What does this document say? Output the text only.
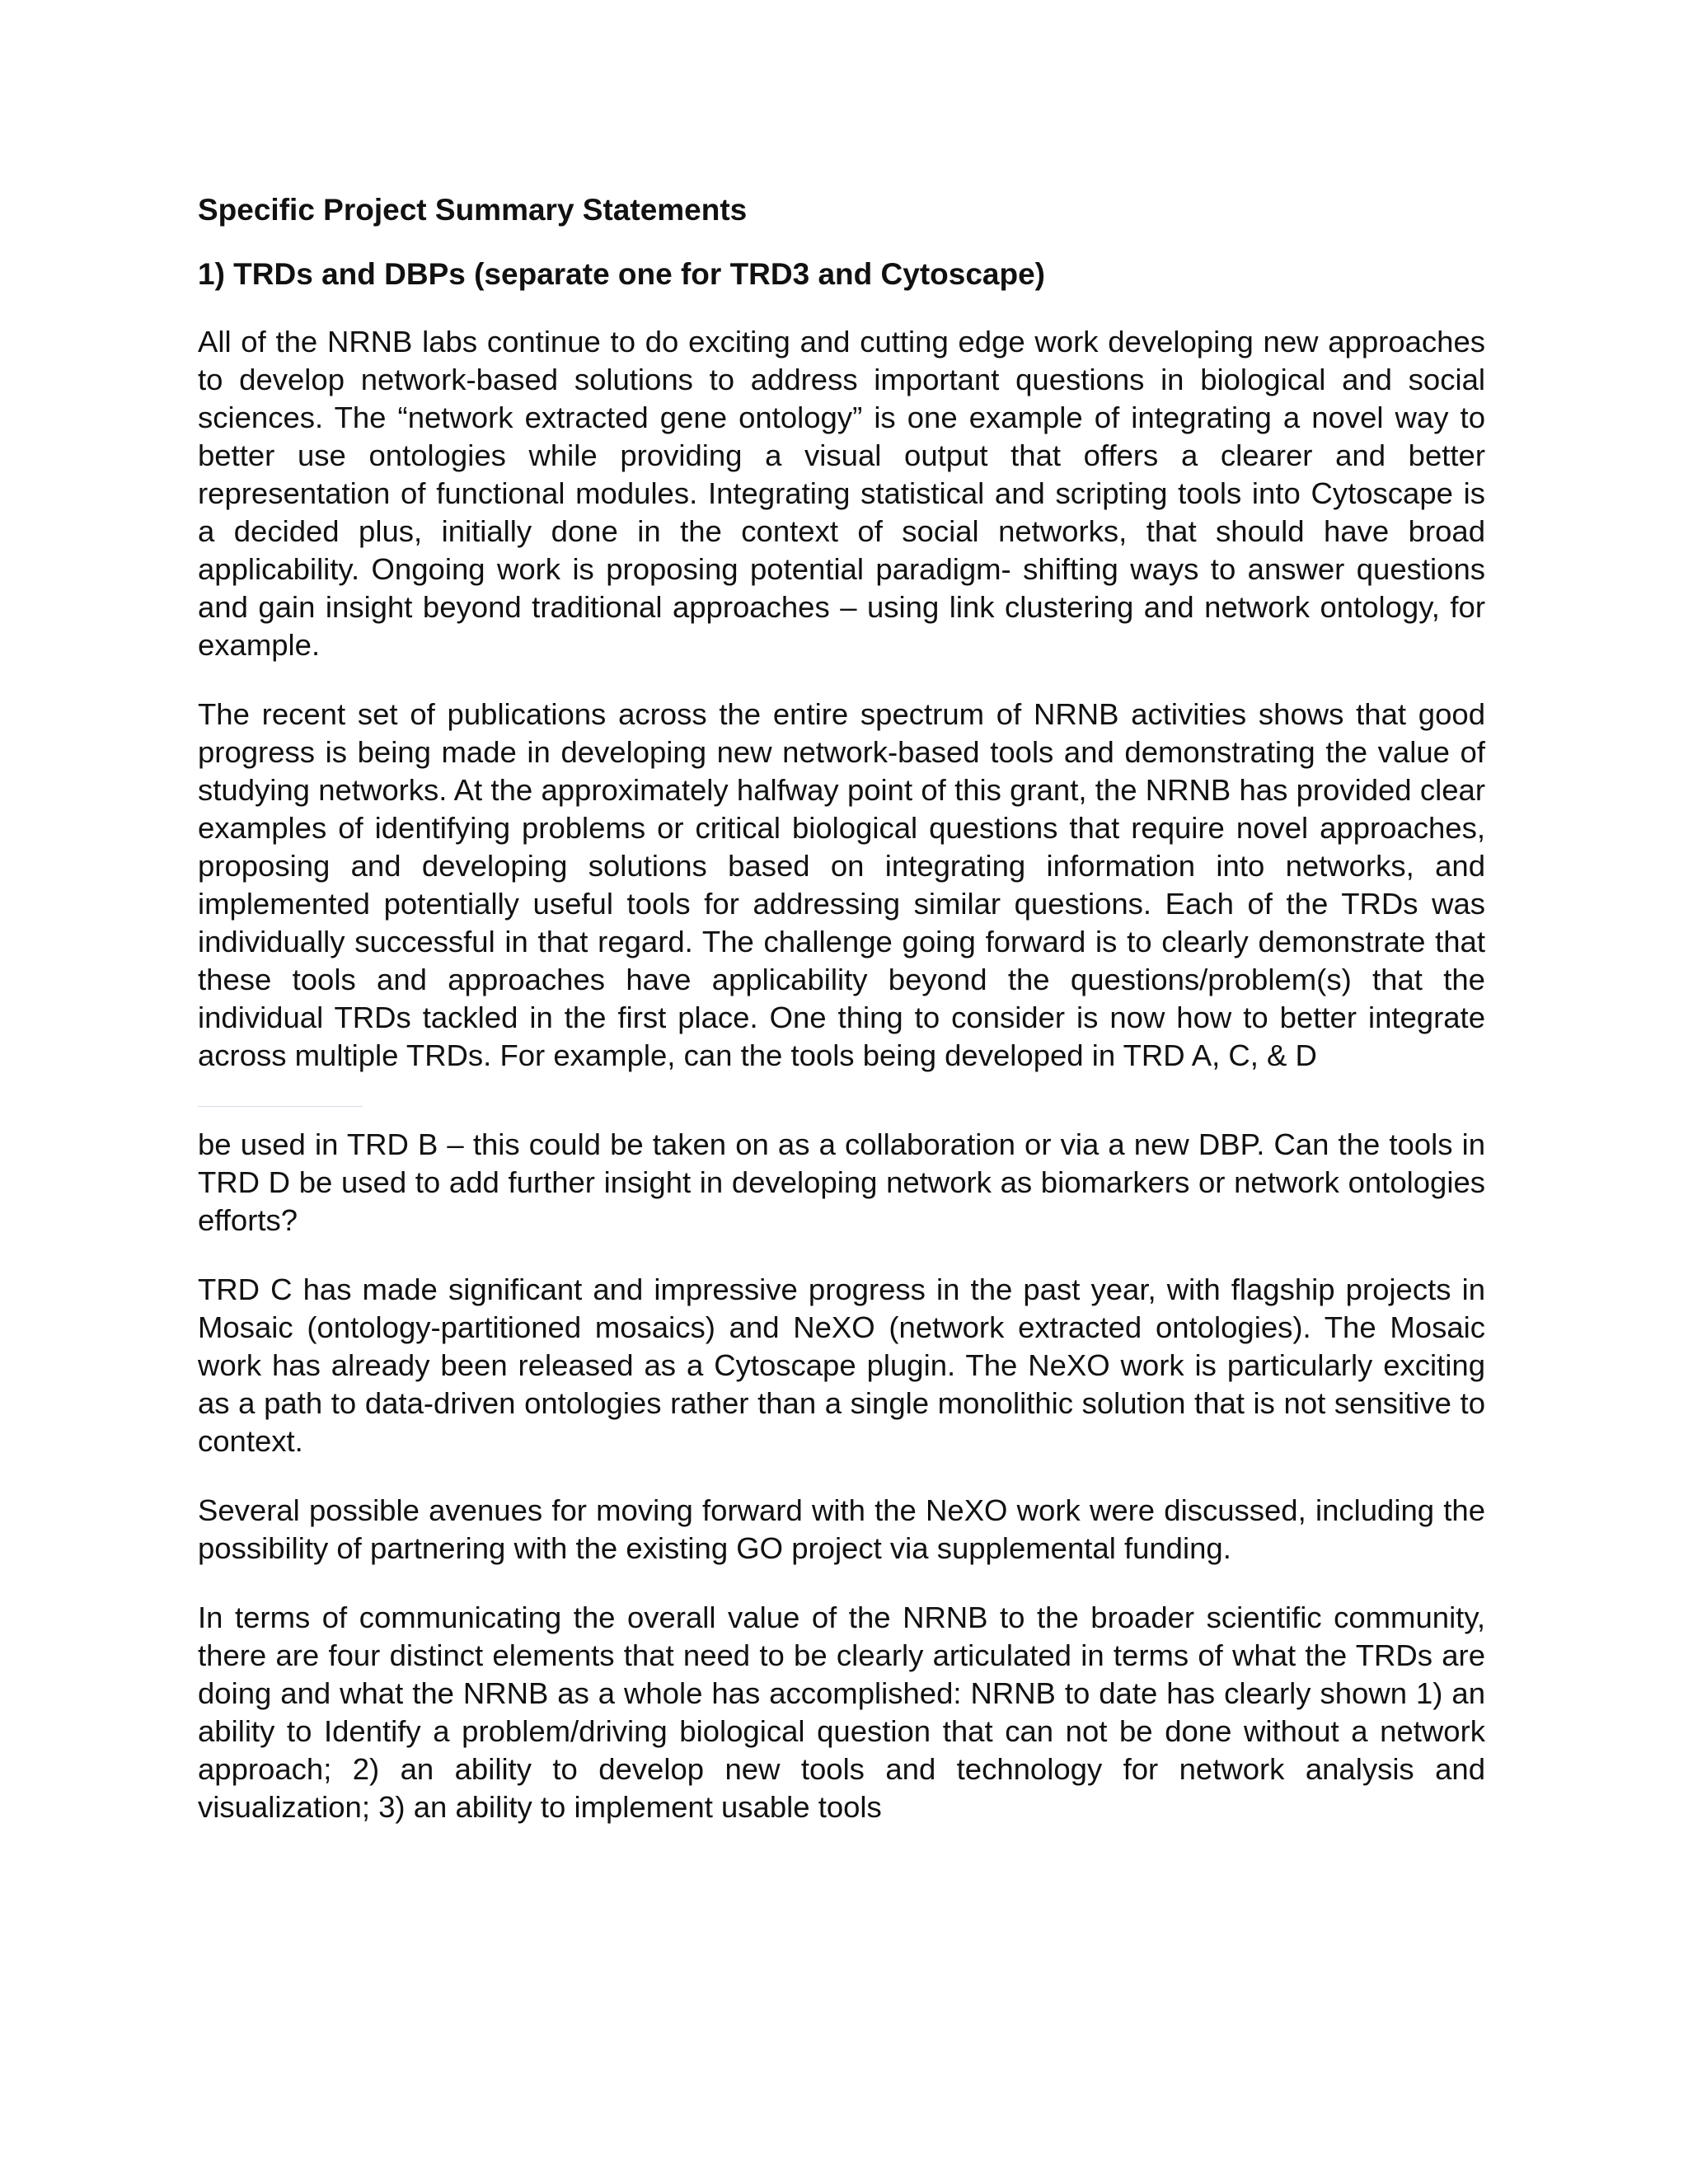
Specific Project Summary Statements
1) TRDs and DBPs (separate one for TRD3 and Cytoscape)

All of the NRNB labs continue to do exciting and cutting edge work developing new approaches to develop network-based solutions to address important questions in biological and social sciences. The “network extracted gene ontology” is one example of integrating a novel way to better use ontologies while providing a visual output that offers a clearer and better representation of functional modules. Integrating statistical and scripting tools into Cytoscape is a decided plus, initially done in the context of social networks, that should have broad applicability. Ongoing work is proposing potential paradigm- shifting ways to answer questions and gain insight beyond traditional approaches – using link clustering and network ontology, for example.

The recent set of publications across the entire spectrum of NRNB activities shows that good progress is being made in developing new network-based tools and demonstrating the value of studying networks. At the approximately halfway point of this grant, the NRNB has provided clear examples of identifying problems or critical biological questions that require novel approaches, proposing and developing solutions based on integrating information into networks, and implemented potentially useful tools for addressing similar questions. Each of the TRDs was individually successful in that regard. The challenge going forward is to clearly demonstrate that these tools and approaches have applicability beyond the questions/problem(s) that the individual TRDs tackled in the first place. One thing to consider is now how to better integrate across multiple TRDs. For example, can the tools being developed in TRD A, C, & D

be used in TRD B – this could be taken on as a collaboration or via a new DBP. Can the tools in TRD D be used to add further insight in developing network as biomarkers or network ontologies efforts?

TRD C has made significant and impressive progress in the past year, with flagship projects in Mosaic (ontology-partitioned mosaics) and NeXO (network extracted ontologies). The Mosaic work has already been released as a Cytoscape plugin. The NeXO work is particularly exciting as a path to data-driven ontologies rather than a single monolithic solution that is not sensitive to context.

Several possible avenues for moving forward with the NeXO work were discussed, including the possibility of partnering with the existing GO project via supplemental funding.

In terms of communicating the overall value of the NRNB to the broader scientific community, there are four distinct elements that need to be clearly articulated in terms of what the TRDs are doing and what the NRNB as a whole has accomplished: NRNB to date has clearly shown 1) an ability to Identify a problem/driving biological question that can not be done without a network approach; 2) an ability to develop new tools and technology for network analysis and visualization; 3) an ability to implement usable tools
